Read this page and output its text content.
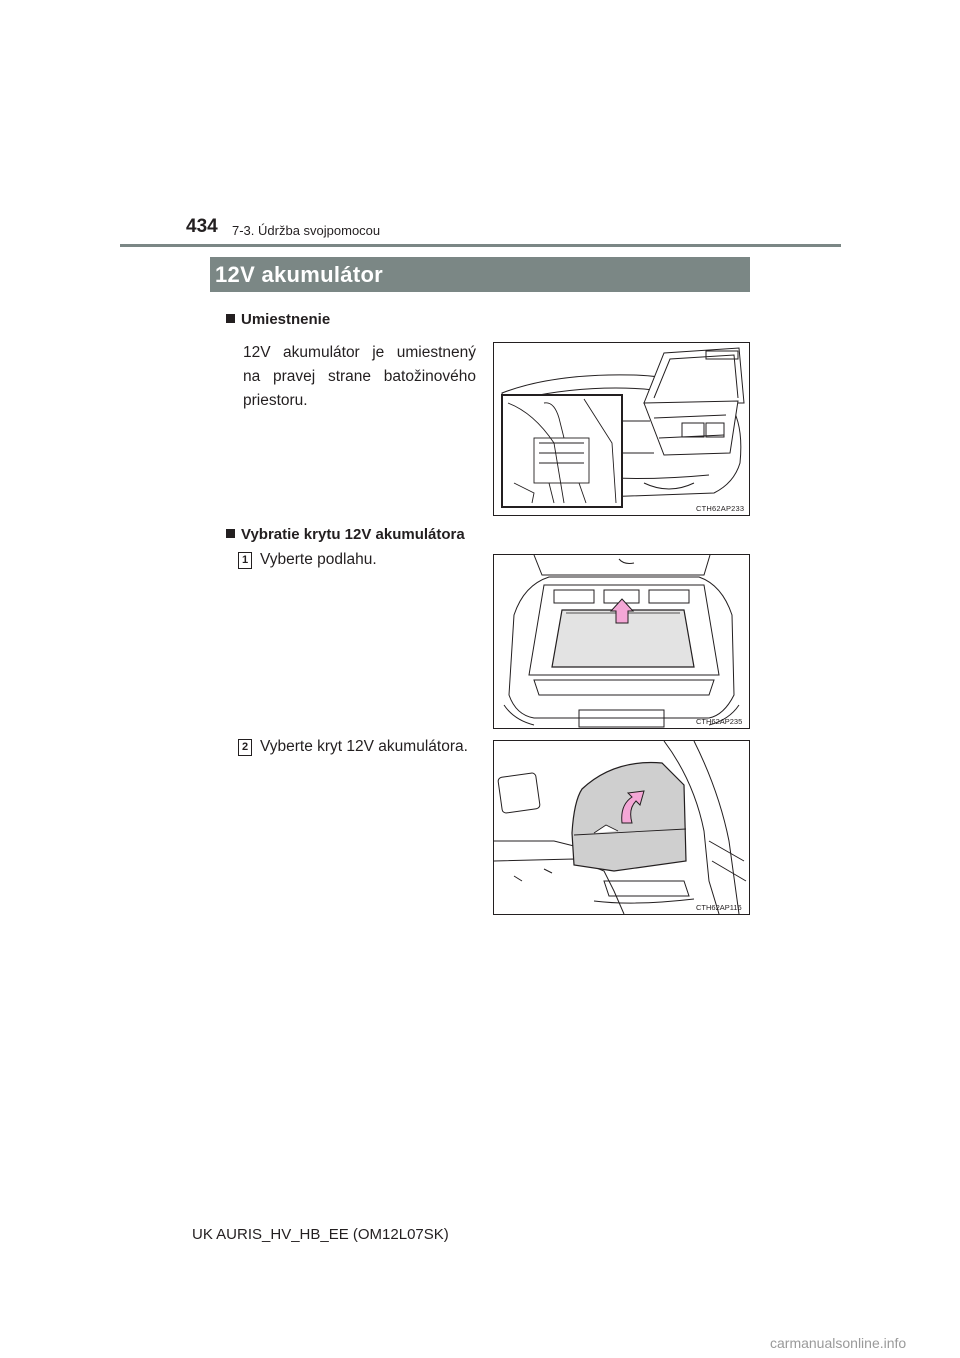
434 7-3. Údržba svojpomocou
12V akumulátor
Umiestnenie
12V akumulátor je umiestnený
na pravej strane batožinového
priestoru.
CTH62AP233
Vybratie krytu 12V akumulátora
1 Vyberte podlahu.
CTH62AP235
2 Vyberte kryt 12V akumulátora.
CTH62AP116
UK AURIS_HV_HB_EE (OM12L07SK)
carmanualsonline.info
